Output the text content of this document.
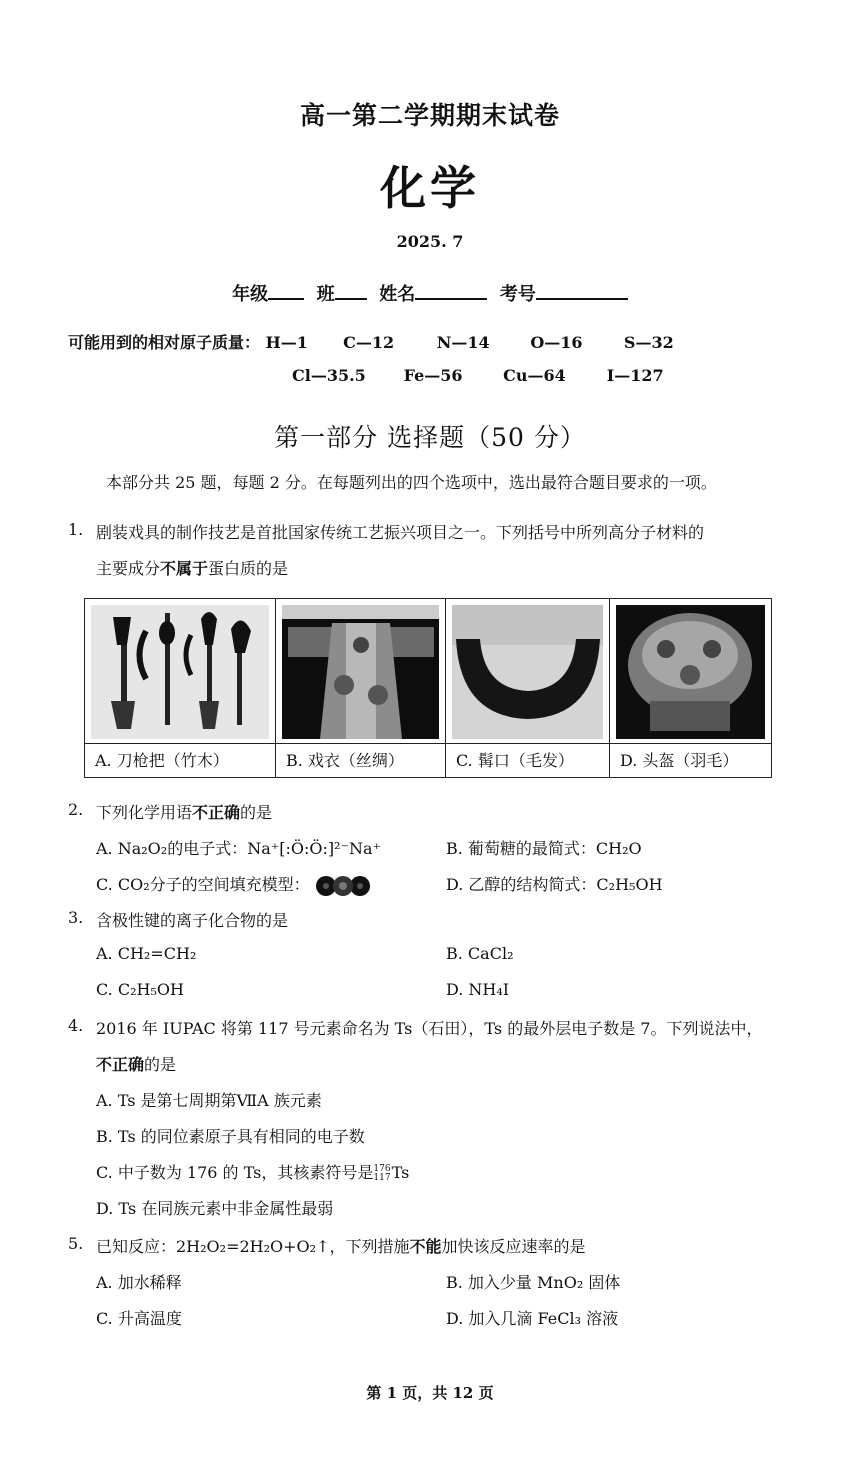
高一第二学期期末试卷
化学
2025. 7
年级	班 姓名	考号
可能用到的相对原子质量： H—1 C—12	N—14	O—16	S—32
Cl—35.5 Fe—56	Cu—64	I—127
第一部分 选择题（50 分）
本部分共 25 题，每题 2 分。在每题列出的四个选项中，选出最符合题目要求的一项。
1. 剧装戏具的制作技艺是首批国家传统工艺振兴项目之一。下列括号中所列高分子材料的
主要成分不属于蛋白质的是
A. 刀枪把（竹木）	B. 戏衣（丝绸）	C. 髯口（毛发）	D. 头盔（羽毛）
2. 下列化学用语不正确的是
A. Na₂O₂的电子式：Na⁺[:Ö:Ö:]²⁻Na⁺	B. 葡萄糖的最简式：CH₂O
C. CO₂分子的空间填充模型：	D. 乙醇的结构简式：C₂H₅OH
3. 含极性键的离子化合物的是
A. CH₂=CH₂	B. CaCl₂
C. C₂H₅OH	D. NH₄I
4. 2016 年 IUPAC 将第 117 号元素命名为 Ts（石田），Ts 的最外层电子数是 7。下列说法中，
不正确的是
A. Ts 是第七周期第ⅦA 族元素
B. Ts 的同位素原子具有相同的电子数
C. 中子数为 176 的 Ts，其核素符号是 176
117 Ts
D. Ts 在同族元素中非金属性最弱
5. 已知反应：2H₂O₂=2H₂O+O₂↑，下列措施不能加快该反应速率的是
A. 加水稀释	B. 加入少量 MnO₂ 固体
C. 升高温度	D. 加入几滴 FeCl₃ 溶液
第 1 页，共 12 页
